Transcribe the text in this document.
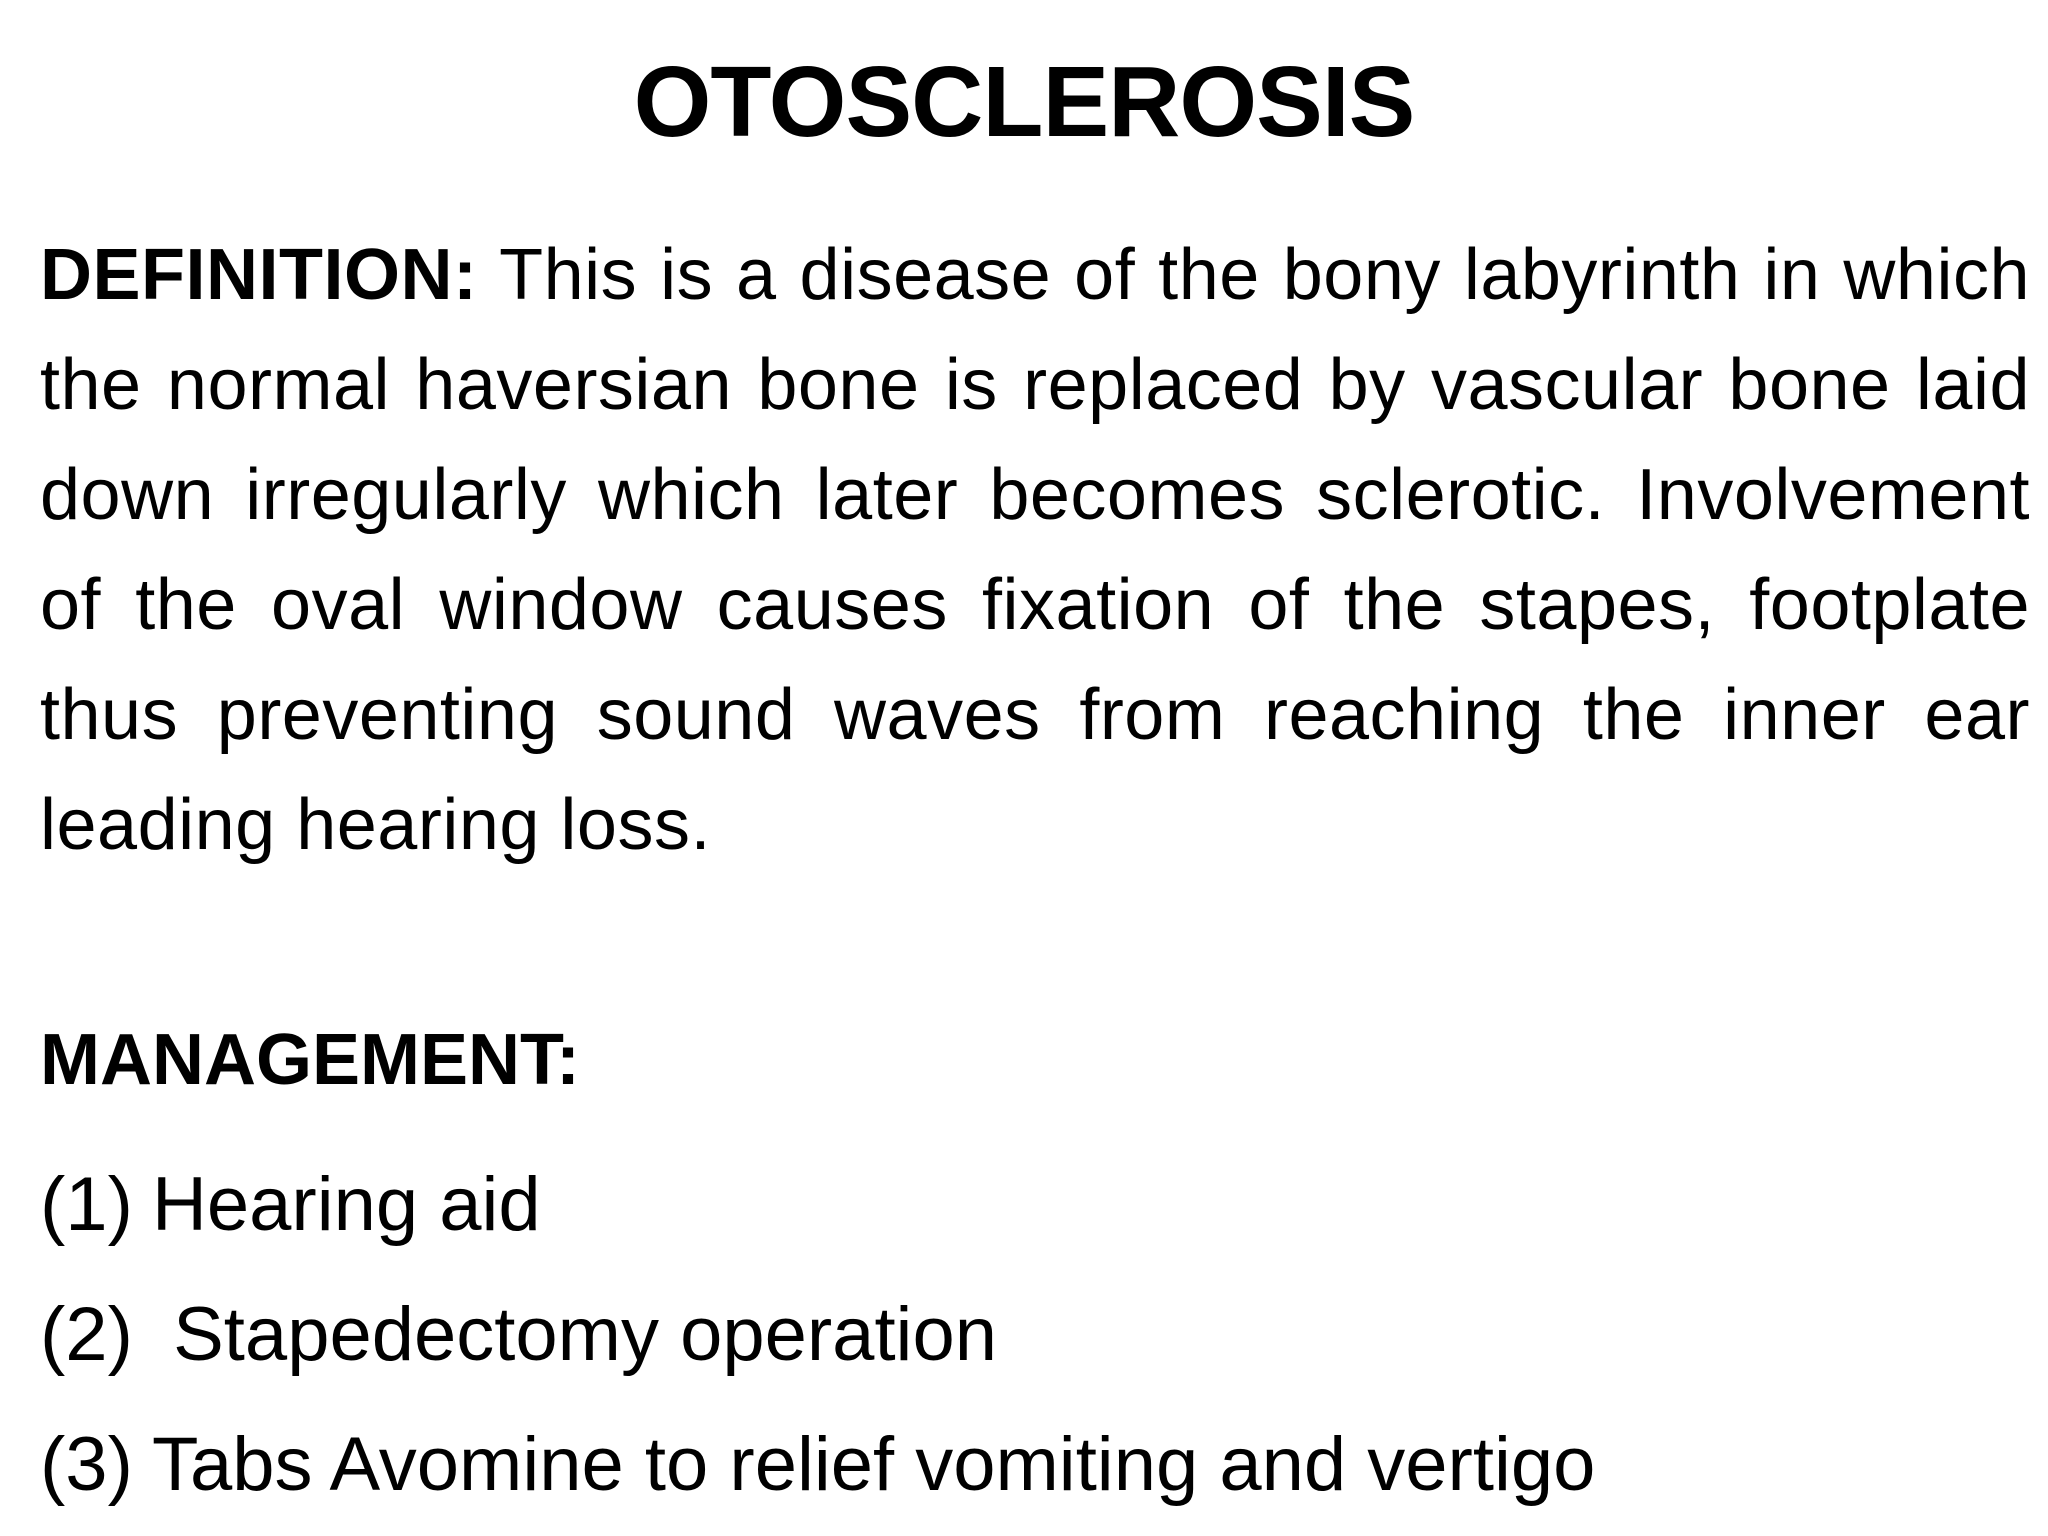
OTOSCLEROSIS
DEFINITION: This is a disease of the bony labyrinth in which the normal haversian bone is replaced by vascular bone laid down irregularly which later becomes sclerotic. Involvement of the oval window causes fixation of the stapes, footplate thus preventing sound waves from reaching the inner ear leading hearing loss.
MANAGEMENT:
(1) Hearing aid
(2) Stapedectomy operation
(3) Tabs Avomine to relief vomiting and vertigo
